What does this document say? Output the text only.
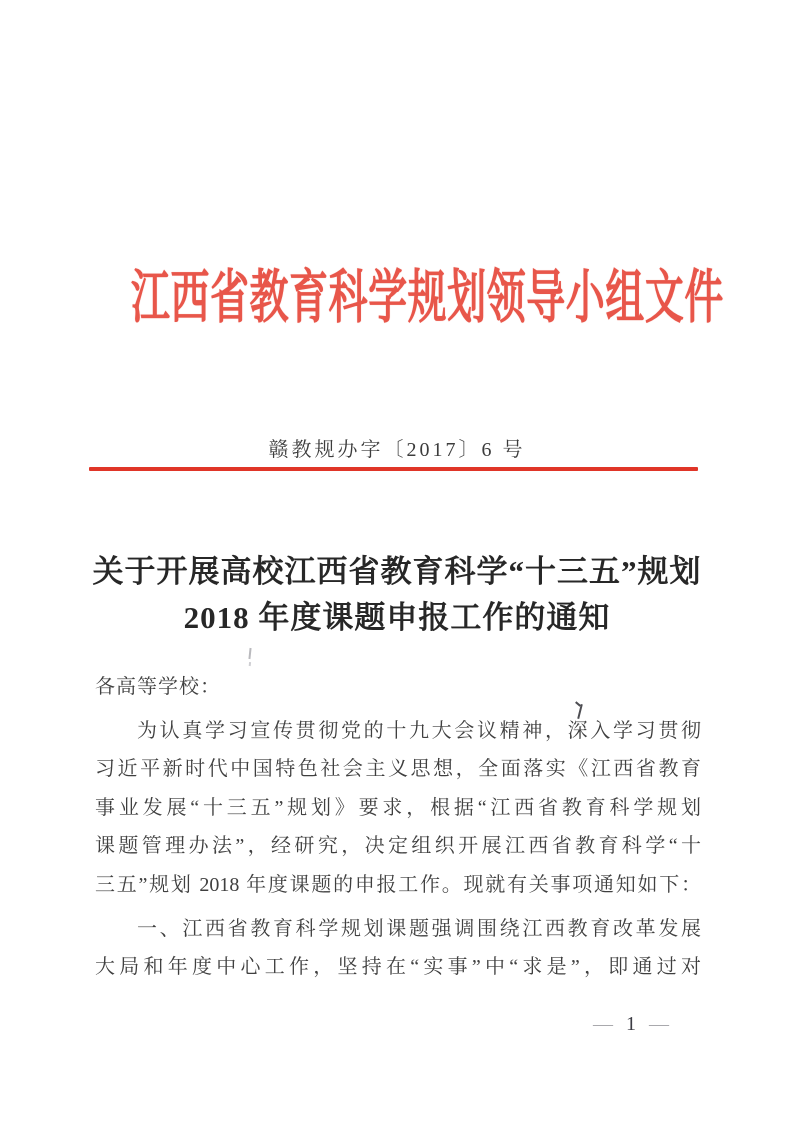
江西省教育科学规划领导小组文件
赣教规办字〔2017〕6 号
关于开展高校江西省教育科学“十三五”规划
2018 年度课题申报工作的通知
各高等学校：
为认真学习宣传贯彻党的十九大会议精神，深入学习贯彻
习近平新时代中国特色社会主义思想，全面落实《江西省教育
事业发展“十三五”规划》要求，根据“江西省教育科学规划
课题管理办法”，经研究，决定组织开展江西省教育科学“十
三五”规划 2018 年度课题的申报工作。现就有关事项通知如下：
一、江西省教育科学规划课题强调围绕江西教育改革发展
大局和年度中心工作，坚持在“实事”中“求是”，即通过对
— 1 —
